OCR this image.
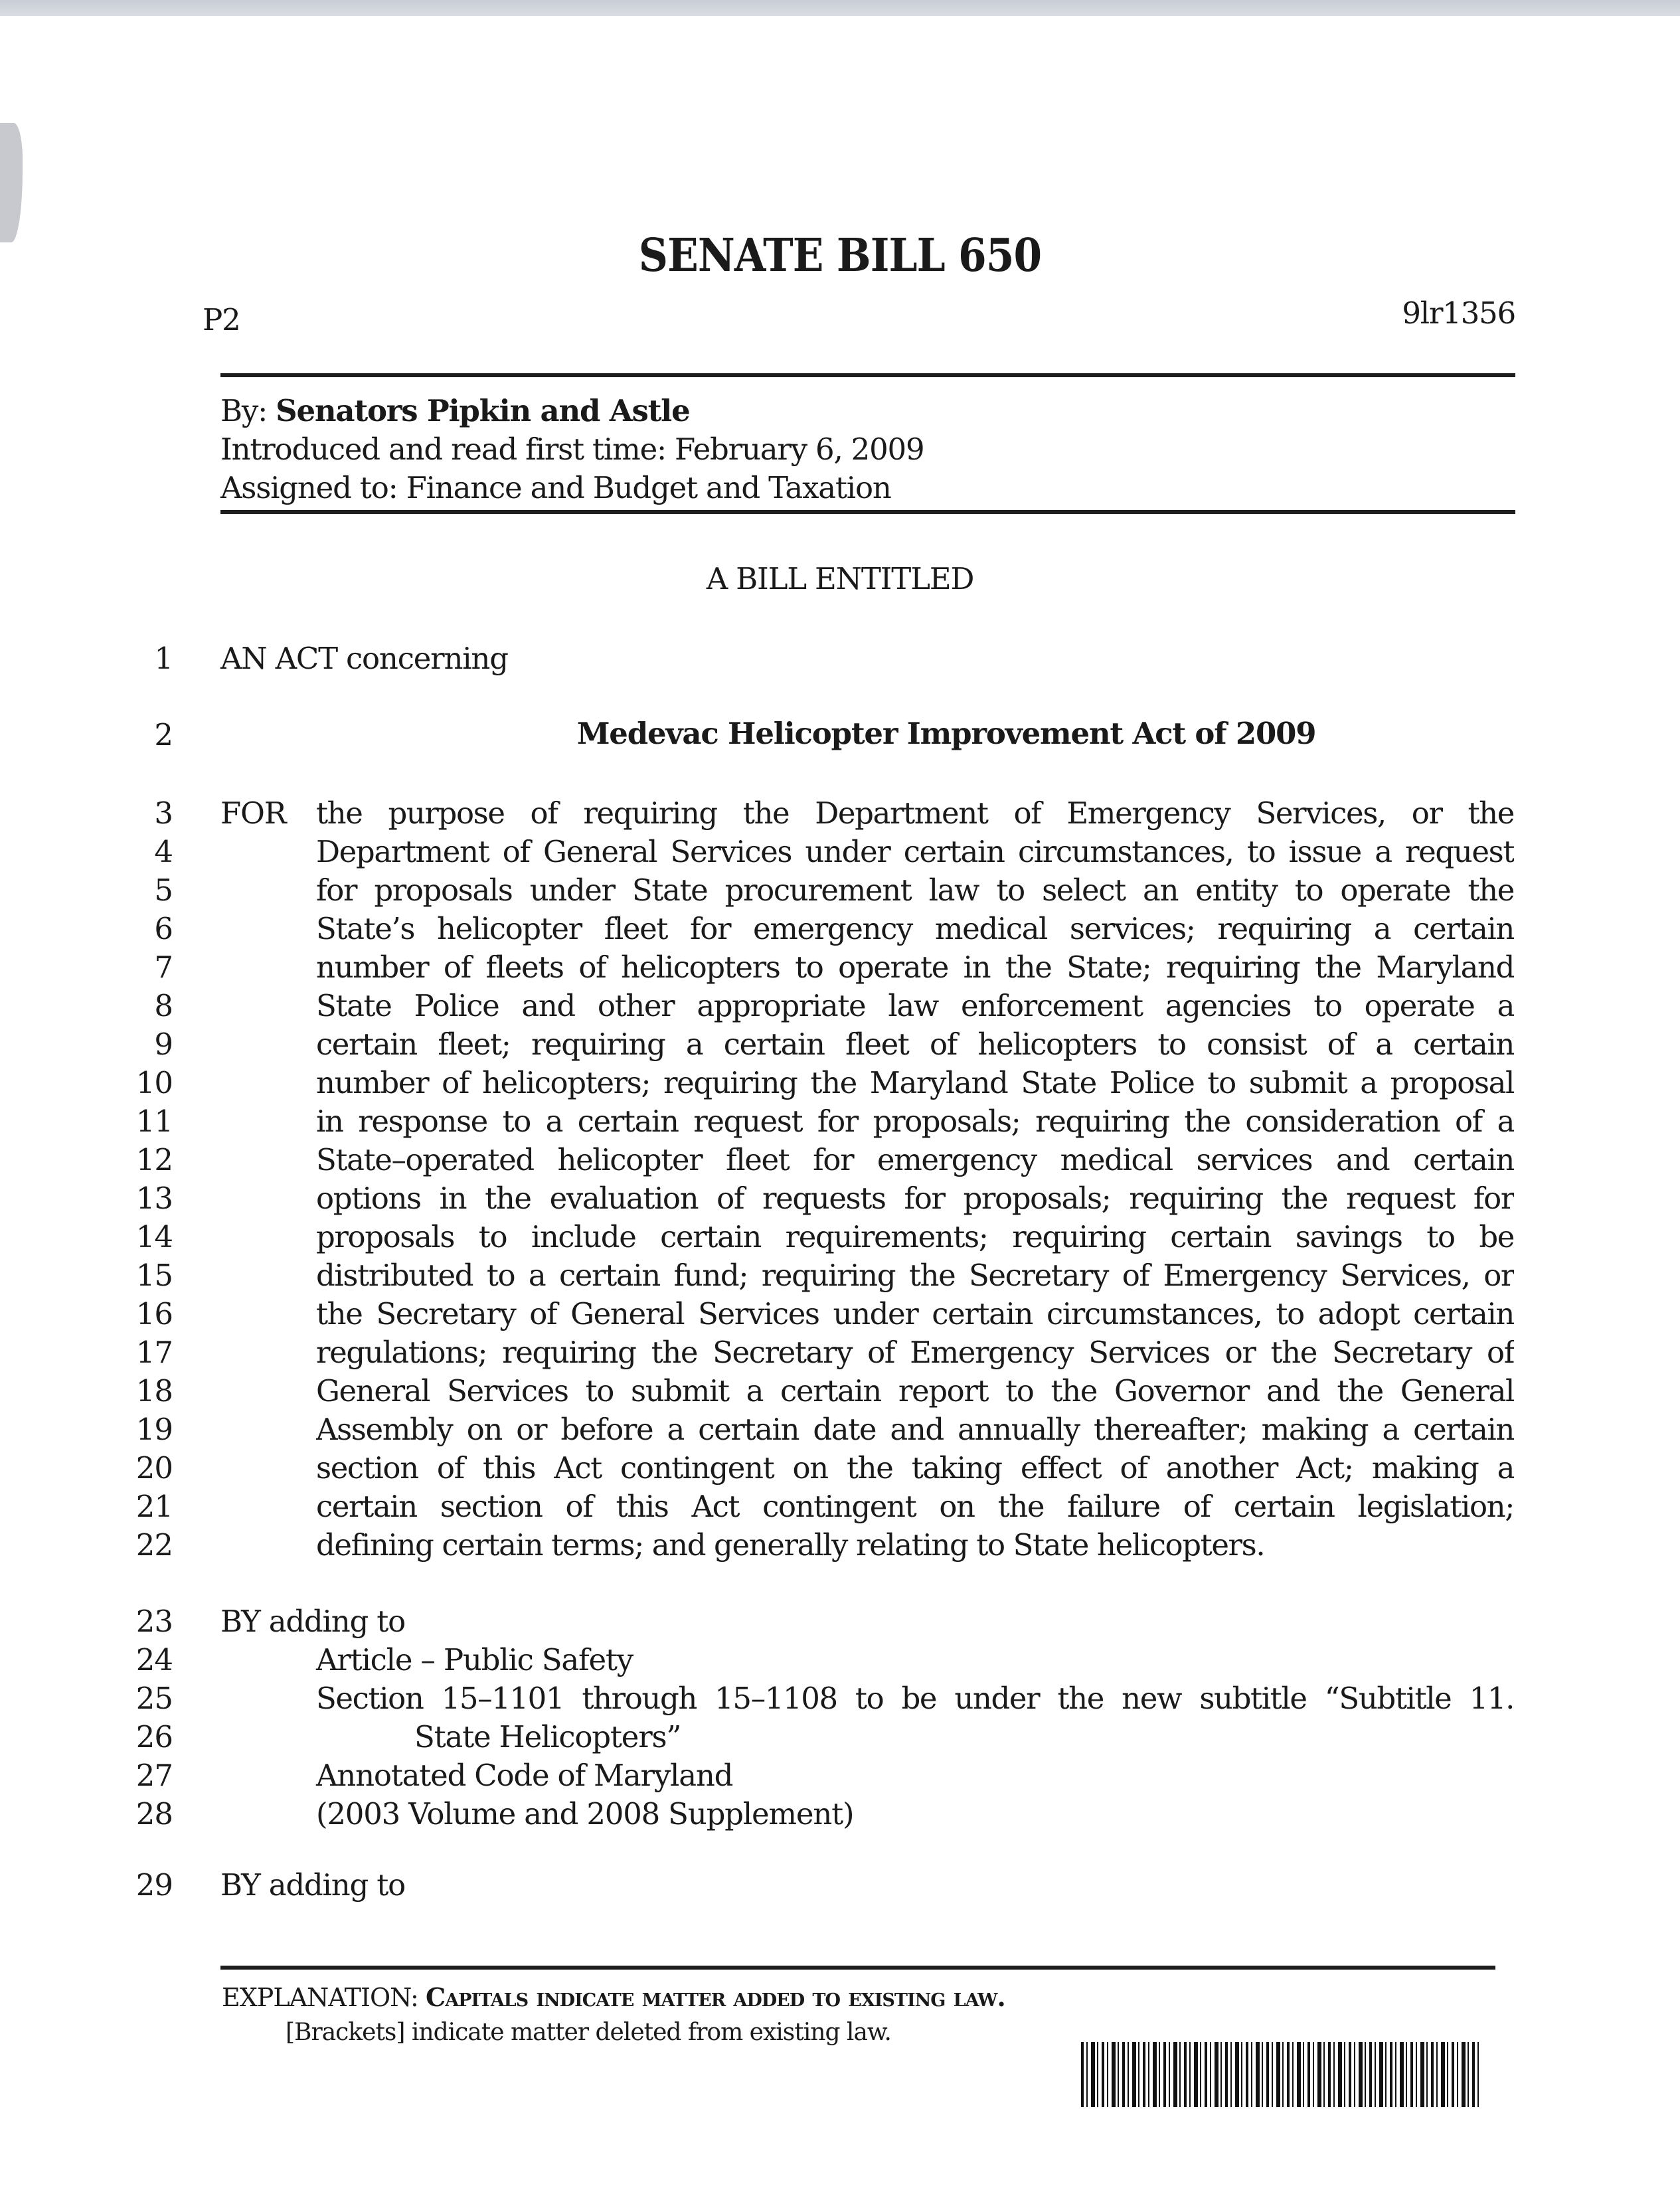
SENATE BILL 650
P2	9lr1356
By: Senators Pipkin and Astle
Introduced and read first time: February 6, 2009
Assigned to: Finance and Budget and Taxation
A BILL ENTITLED
1 AN ACT concerning
2	Medevac Helicopter Improvement Act of 2009
3 FOR the purpose of requiring the Department of Emergency Services, or the
4	Department of General Services under certain circumstances, to issue a request
5	for proposals under State procurement law to select an entity to operate the
6	State’s helicopter fleet for emergency medical services; requiring a certain
7	number of fleets of helicopters to operate in the State; requiring the Maryland
8	State Police and other appropriate law enforcement agencies to operate a
9	certain fleet; requiring a certain fleet of helicopters to consist of a certain
10	number of helicopters; requiring the Maryland State Police to submit a proposal
11	in response to a certain request for proposals; requiring the consideration of a
12	State–operated helicopter fleet for emergency medical services and certain
13	options in the evaluation of requests for proposals; requiring the request for
14	proposals to include certain requirements; requiring certain savings to be
15	distributed to a certain fund; requiring the Secretary of Emergency Services, or
16	the Secretary of General Services under certain circumstances, to adopt certain
17	regulations; requiring the Secretary of Emergency Services or the Secretary of
18	General Services to submit a certain report to the Governor and the General
19	Assembly on or before a certain date and annually thereafter; making a certain
20	section of this Act contingent on the taking effect of another Act; making a
21	certain section of this Act contingent on the failure of certain legislation;
22	defining certain terms; and generally relating to State helicopters.
23 BY adding to
24	Article – Public Safety
25	Section 15–1101 through 15–1108 to be under the new subtitle “Subtitle 11.
26	State Helicopters”
27	Annotated Code of Maryland
28	(2003 Volume and 2008 Supplement)
29 BY adding to
EXPLANATION: Capitals indicate matter added to existing law.
[Brackets] indicate matter deleted from existing law.
